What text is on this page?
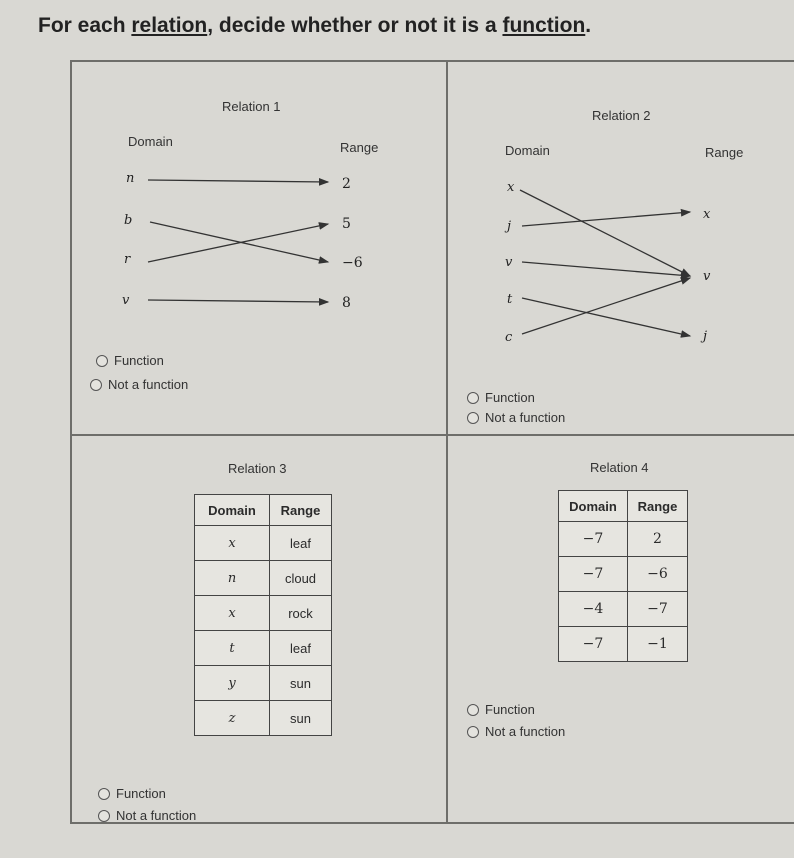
For each relation, decide whether or not it is a function.
Relation 1
Domain	Range
n
b
r
v
2
5
−6
8
Function
Not a function
Relation 2
Domain	Range
x
j
v
t
c
x
v
j
Function
Not a function
Relation 3
Domain	Range
x	leaf
n	cloud
x	rock
t	leaf
y	sun
z	sun
Function
Not a function
Relation 4
Domain	Range
−7	2
−7	−6
−4	−7
−7	−1
Function
Not a function
